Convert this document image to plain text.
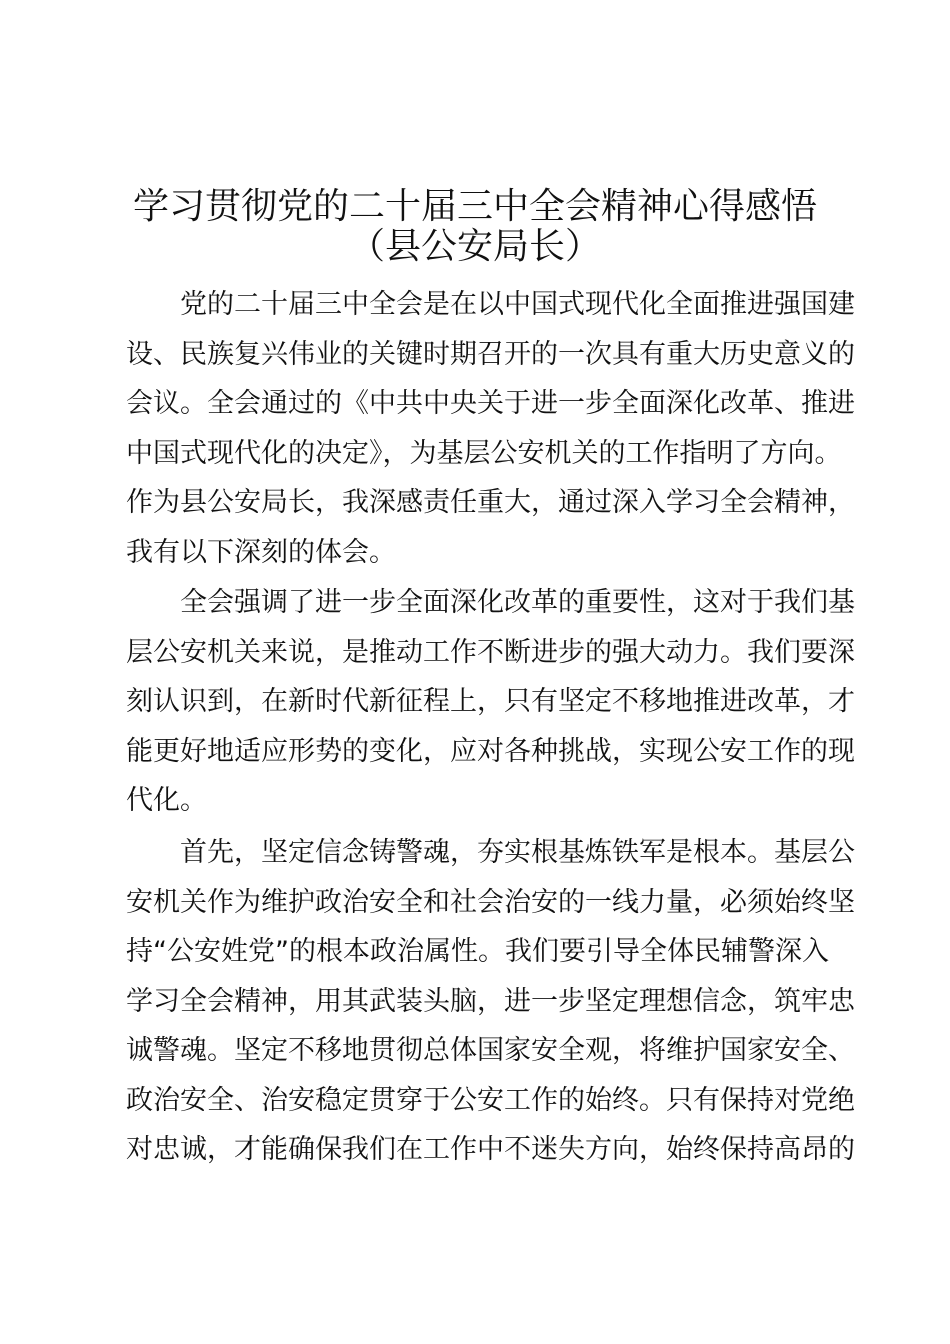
学习贯彻党的二十届三中全会精神心得感悟
（县公安局长）
党的二十届三中全会是在以中国式现代化全面推进强国建
设、民族复兴伟业的关键时期召开的一次具有重大历史意义的
会议。全会通过的《中共中央关于进一步全面深化改革、推进
中国式现代化的决定》，为基层公安机关的工作指明了方向。
作为县公安局长，我深感责任重大，通过深入学习全会精神，
我有以下深刻的体会。
全会强调了进一步全面深化改革的重要性，这对于我们基
层公安机关来说，是推动工作不断进步的强大动力。我们要深
刻认识到，在新时代新征程上，只有坚定不移地推进改革，才
能更好地适应形势的变化，应对各种挑战，实现公安工作的现
代化。
首先，坚定信念铸警魂，夯实根基炼铁军是根本。基层公
安机关作为维护政治安全和社会治安的一线力量，必须始终坚
持“公安姓党”的根本政治属性。我们要引导全体民辅警深入
学习全会精神，用其武装头脑，进一步坚定理想信念，筑牢忠
诚警魂。坚定不移地贯彻总体国家安全观，将维护国家安全、
政治安全、治安稳定贯穿于公安工作的始终。只有保持对党绝
对忠诚，才能确保我们在工作中不迷失方向，始终保持高昂的
